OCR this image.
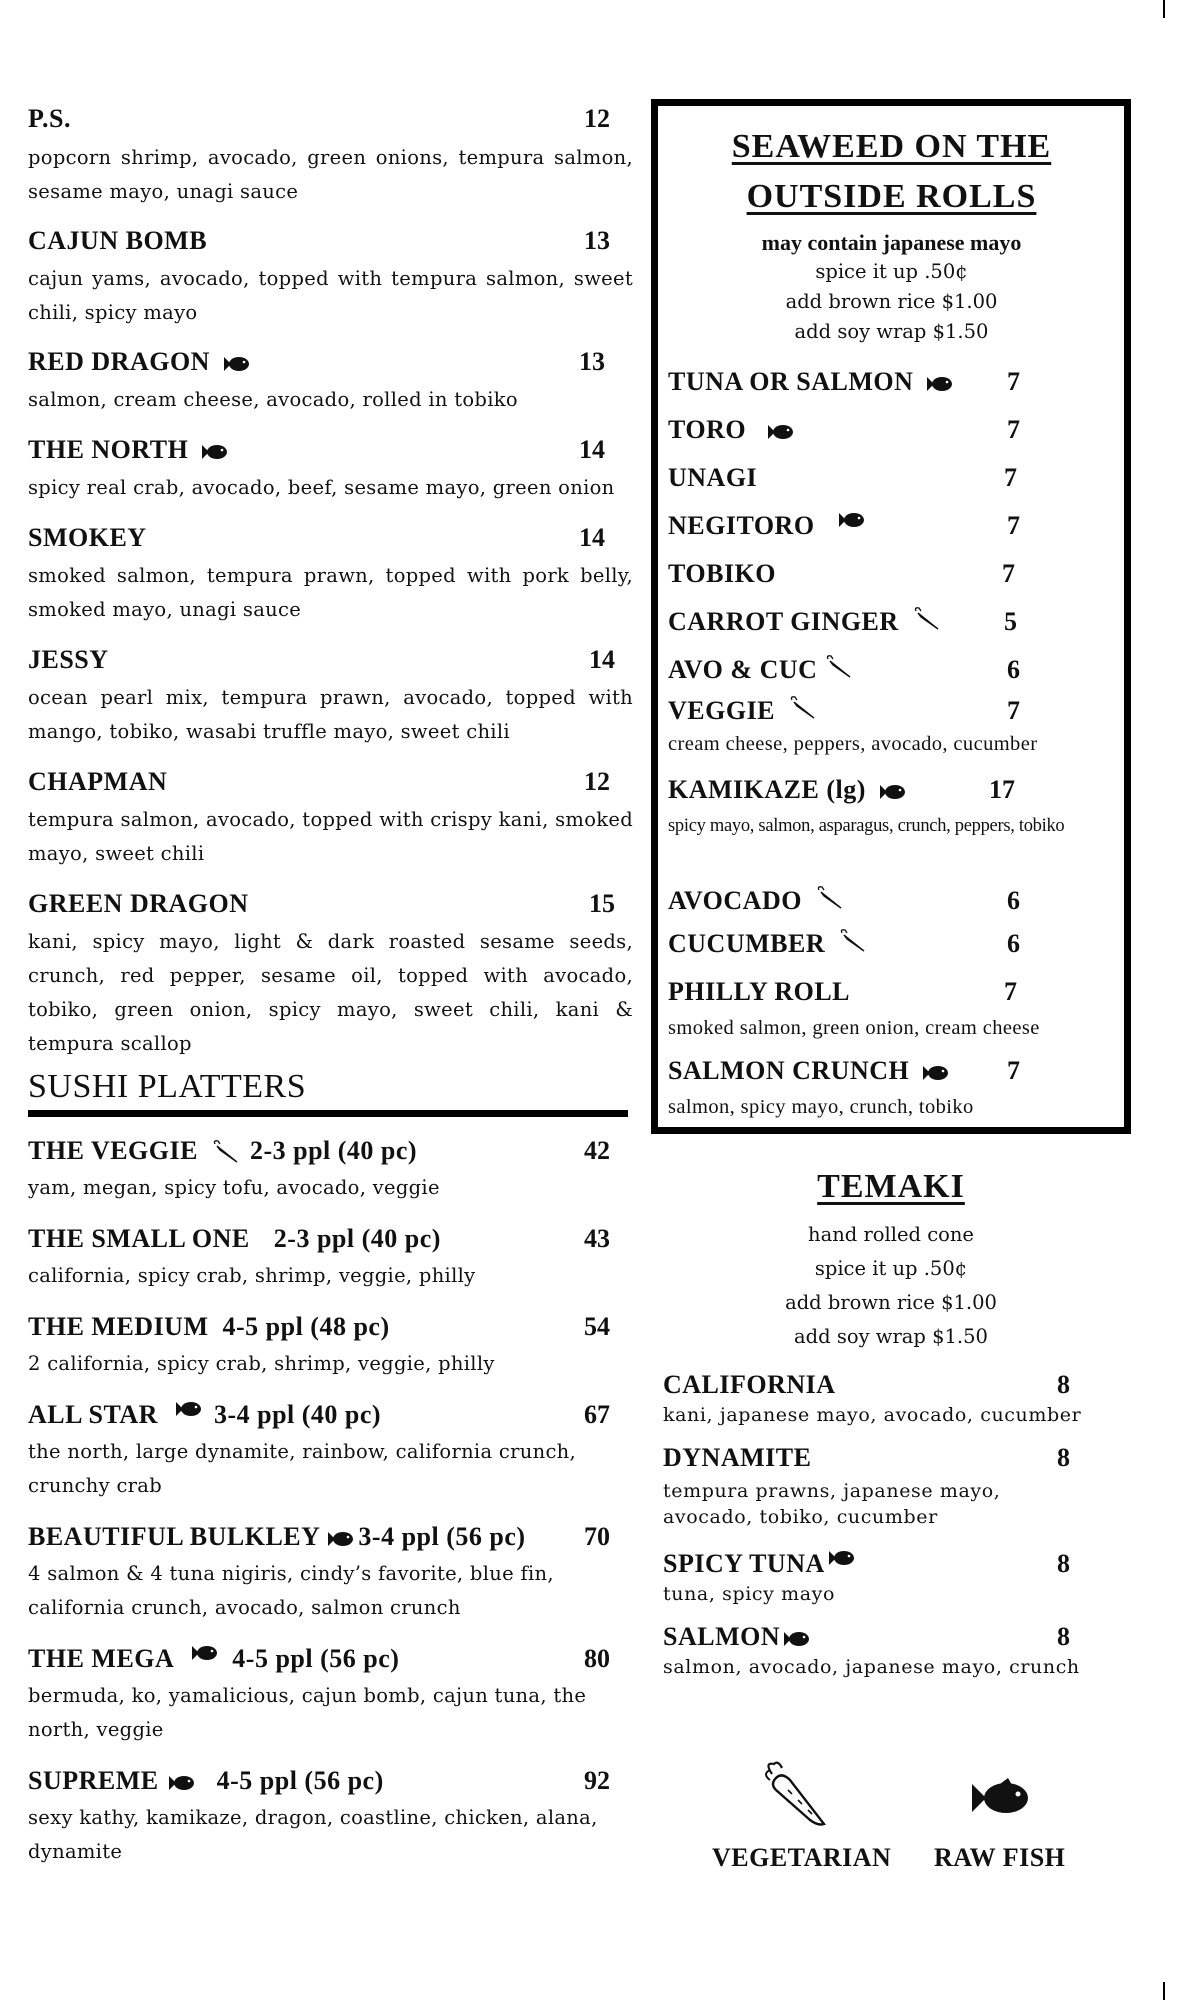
P.S.	12
popcorn shrimp, avocado, green onions, tempura salmon, sesame mayo, unagi sauce
CAJUN BOMB	13
cajun yams, avocado, topped with tempura salmon, sweet chili, spicy mayo
RED DRAGON	13
salmon, cream cheese, avocado, rolled in tobiko
THE NORTH	14
spicy real crab, avocado, beef, sesame mayo, green onion
SMOKEY	14
smoked salmon, tempura prawn, topped with pork belly, smoked mayo, unagi sauce
JESSY	14
ocean pearl mix, tempura prawn, avocado, topped with mango, tobiko, wasabi truffle mayo, sweet chili
CHAPMAN	12
tempura salmon, avocado, topped with crispy kani, smoked mayo, sweet chili
GREEN DRAGON	15
kani, spicy mayo, light & dark roasted sesame seeds, crunch, red pepper, sesame oil, topped with avocado, tobiko, green onion, spicy mayo, sweet chili, kani & tempura scallop
SUSHI PLATTERS
THE VEGGIE 2-3 ppl (40 pc)	42
yam, megan, spicy tofu, avocado, veggie
THE SMALL ONE 2-3 ppl (40 pc)	43
california, spicy crab, shrimp, veggie, philly
THE MEDIUM 4-5 ppl (48 pc)	54
2 california, spicy crab, shrimp, veggie, philly
ALL STAR 3-4 ppl (40 pc)	67
the north, large dynamite, rainbow, california crunch, crunchy crab
BEAUTIFUL BULKLEY 3-4 ppl (56 pc)	70
4 salmon & 4 tuna nigiris, cindy’s favorite, blue fin, california crunch, avocado, salmon crunch
THE MEGA 4-5 ppl (56 pc)	80
bermuda, ko, yamalicious, cajun bomb, cajun tuna, the north, veggie
SUPREME 4-5 ppl (56 pc)	92
sexy kathy, kamikaze, dragon, coastline, chicken, alana, dynamite
SEAWEED ON THE
OUTSIDE ROLLS
may contain japanese mayo
spice it up .50¢
add brown rice $1.00
add soy wrap $1.50
TUNA OR SALMON	7
TORO	7
UNAGI	7
NEGITORO	7
TOBIKO	7
CARROT GINGER	5
AVO & CUC	6
VEGGIE	7
cream cheese, peppers, avocado, cucumber
KAMIKAZE (lg)	17
spicy mayo, salmon, asparagus, crunch, peppers, tobiko
AVOCADO	6
CUCUMBER	6
PHILLY ROLL	7
smoked salmon, green onion, cream cheese
SALMON CRUNCH	7
salmon, spicy mayo, crunch, tobiko
TEMAKI
hand rolled cone
spice it up .50¢
add brown rice $1.00
add soy wrap $1.50
CALIFORNIA	8
kani, japanese mayo, avocado, cucumber
DYNAMITE	8
tempura prawns, japanese mayo, avocado, tobiko, cucumber
SPICY TUNA	8
tuna, spicy mayo
SALMON	8
salmon, avocado, japanese mayo, crunch
VEGETARIAN RAW FISH
